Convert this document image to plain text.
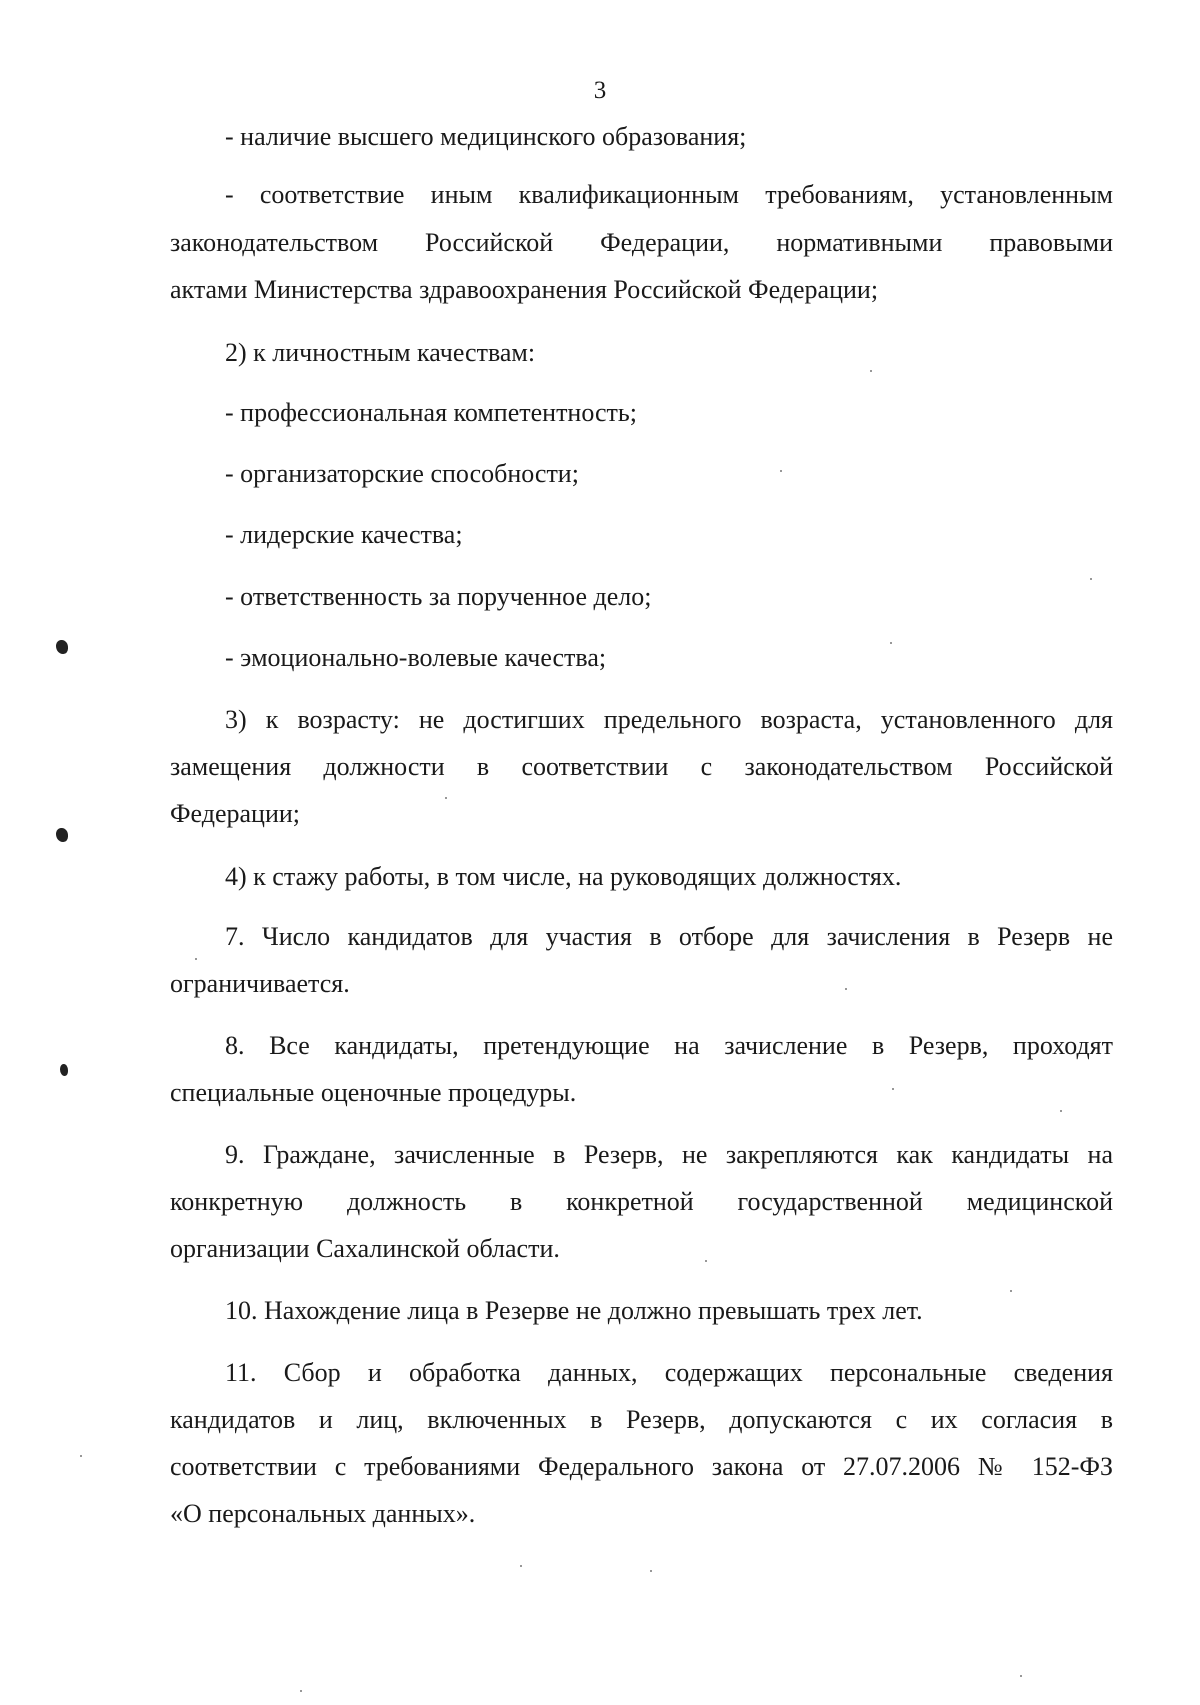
3
- наличие высшего медицинского образования;
- соответствие иным квалификационным требованиям, установленным
законодательством Российской Федерации, нормативными правовыми
актами Министерства здравоохранения Российской Федерации;
2) к личностным качествам:
- профессиональная компетентность;
- организаторские способности;
- лидерские качества;
- ответственность за порученное дело;
- эмоционально-волевые качества;
3) к возрасту: не достигших предельного возраста, установленного для
замещения должности в соответствии с законодательством Российской
Федерации;
4) к стажу работы, в том числе, на руководящих должностях.
7. Число кандидатов для участия в отборе для зачисления в Резерв не
ограничивается.
8. Все кандидаты, претендующие на зачисление в Резерв, проходят
специальные оценочные процедуры.
9. Граждане, зачисленные в Резерв, не закрепляются как кандидаты на
конкретную должность в конкретной государственной медицинской
организации Сахалинской области.
10. Нахождение лица в Резерве не должно превышать трех лет.
11. Сбор и обработка данных, содержащих персональные сведения
кандидатов и лиц, включенных в Резерв, допускаются с их согласия в
соответствии с требованиями Федерального закона от 27.07.2006 № 152-ФЗ
«О персональных данных».
